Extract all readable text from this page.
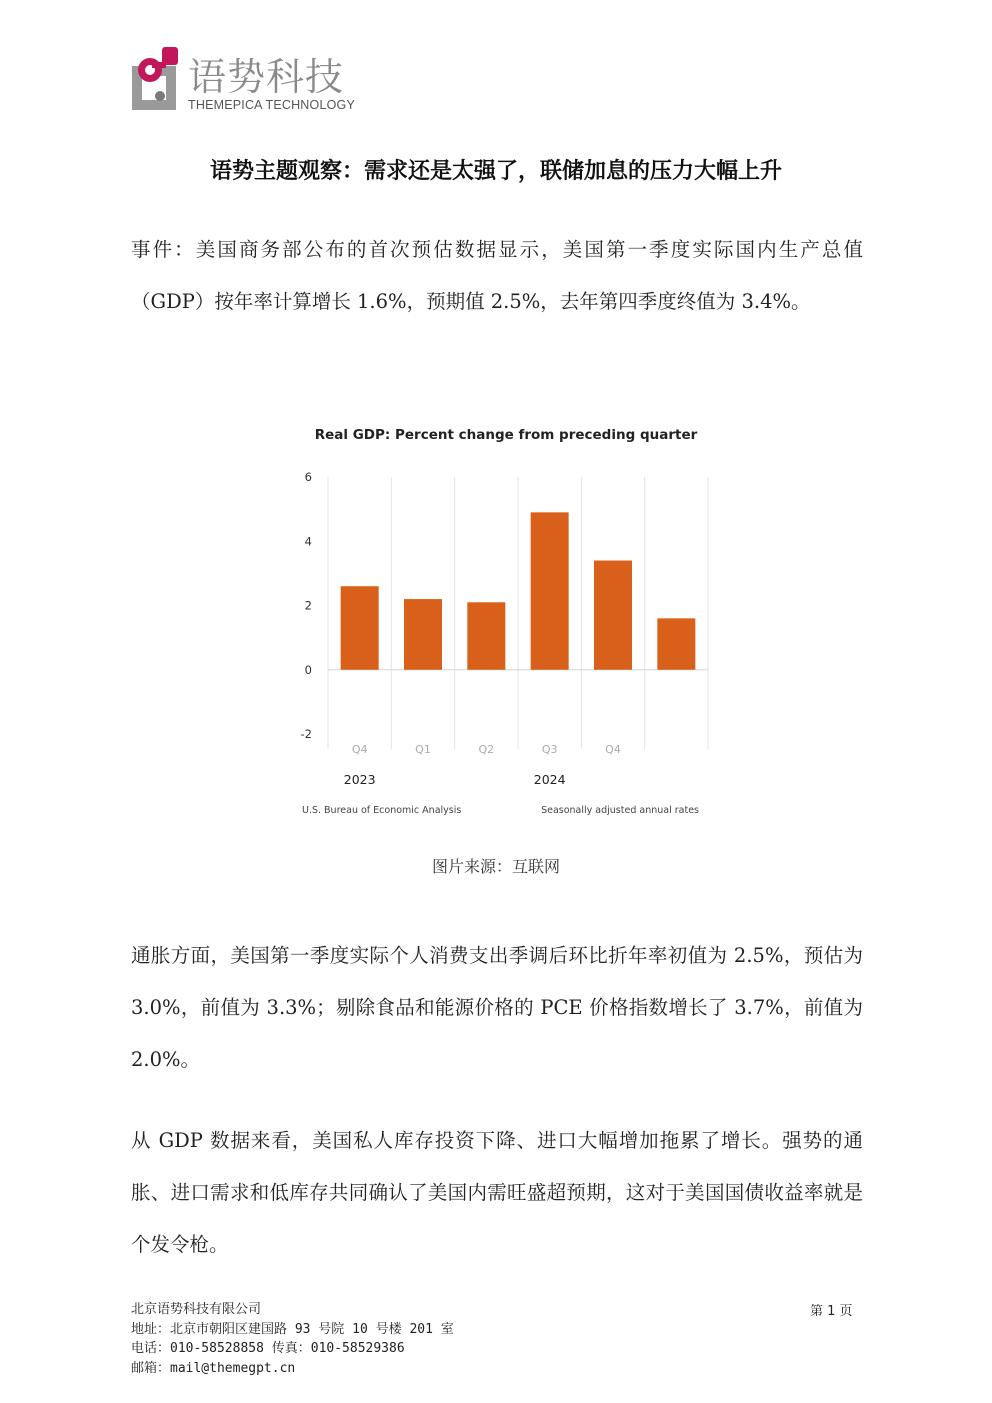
语势科技
THEMEPICA TECHNOLOGY
语势主题观察：需求还是太强了，联储加息的压力大幅上升
事件：美国商务部公布的首次预估数据显示，美国第一季度实际国内生产总值（GDP）按年率计算增长 1.6%，预期值 2.5%，去年第四季度终值为 3.4%。
Real GDP: Percent change from preceding quarter
6
4
2
0
-2
Q4	Q1	Q2	Q3	Q4
2023	2024
U.S. Bureau of Economic Analysis	Seasonally adjusted annual rates
图片来源：互联网
通胀方面，美国第一季度实际个人消费支出季调后环比折年率初值为 2.5%，预估为 3.0%，前值为 3.3%；剔除食品和能源价格的 PCE 价格指数增长了 3.7%，前值为 2.0%。
从 GDP 数据来看，美国私人库存投资下降、进口大幅增加拖累了增长。强势的通胀、进口需求和低库存共同确认了美国内需旺盛超预期，这对于美国国债收益率就是个发令枪。
北京语势科技有限公司
地址：北京市朝阳区建国路 93 号院 10 号楼 201 室
电话：010-58528858 传真：010-58529386
邮箱：mail@themegpt.cn
第 1 页
